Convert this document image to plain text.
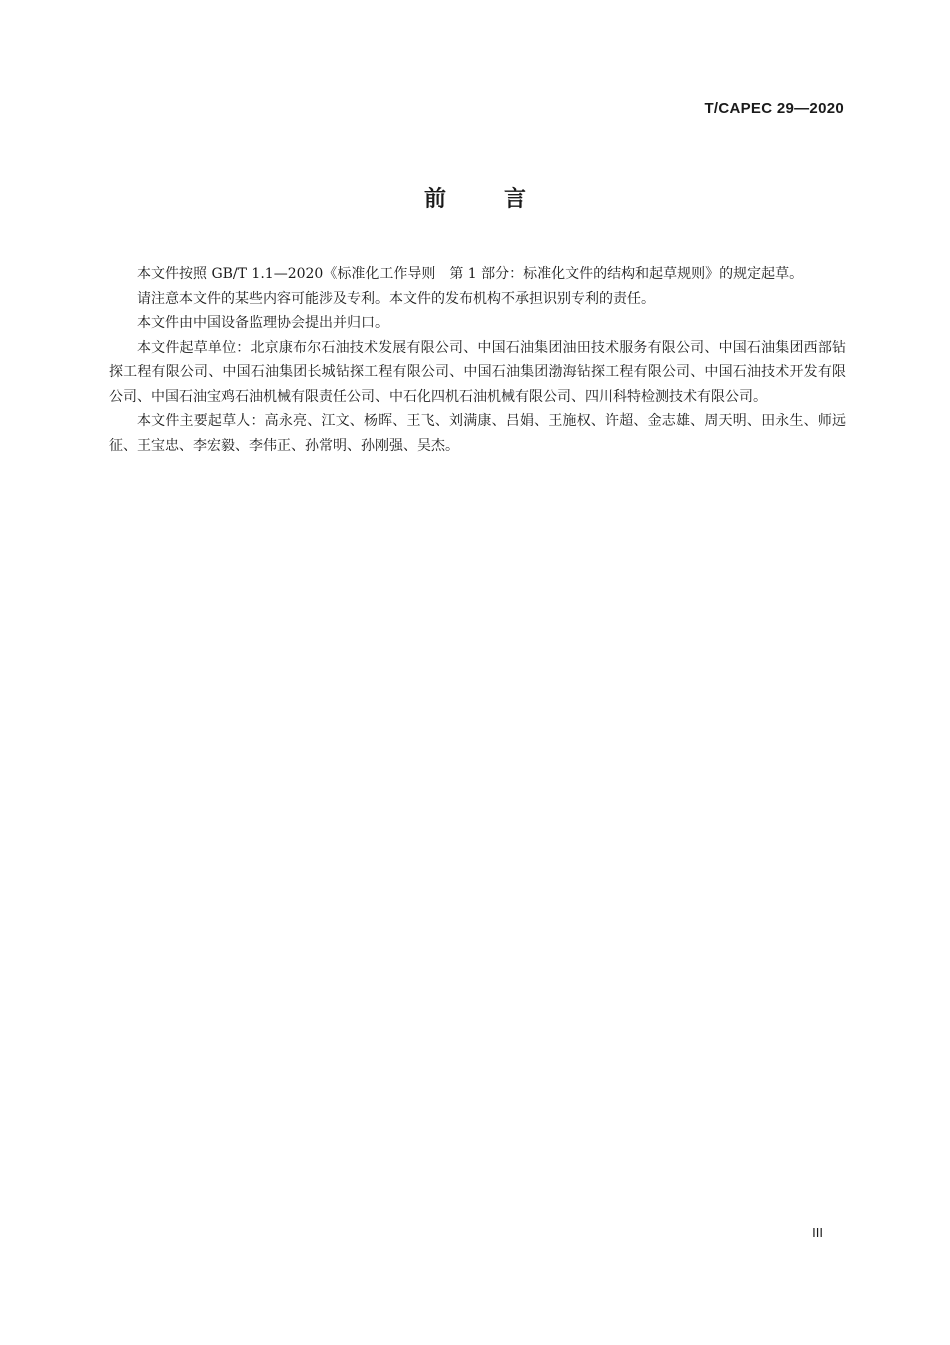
T/CAPEC 29—2020
前言

本文件按照 GB/T 1.1—2020《标准化工作导则　第 1 部分：标准化文件的结构和起草规则》的规定起草。

请注意本文件的某些内容可能涉及专利。本文件的发布机构不承担识别专利的责任。

本文件由中国设备监理协会提出并归口。

本文件起草单位：北京康布尔石油技术发展有限公司、中国石油集团油田技术服务有限公司、中国石油集团西部钻探工程有限公司、中国石油集团长城钻探工程有限公司、中国石油集团渤海钻探工程有限公司、中国石油技术开发有限公司、中国石油宝鸡石油机械有限责任公司、中石化四机石油机械有限公司、四川科特检测技术有限公司。

本文件主要起草人：高永亮、江文、杨晖、王飞、刘满康、吕娟、王施权、许超、金志雄、周天明、田永生、师远征、王宝忠、李宏毅、李伟正、孙常明、孙刚强、吴杰。

III
